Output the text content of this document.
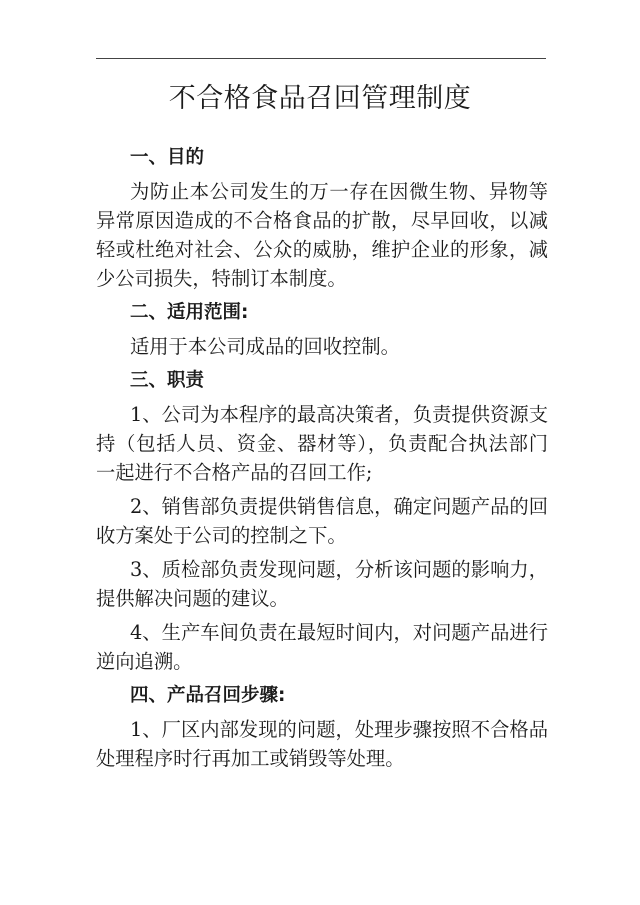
不合格食品召回管理制度

一、目的

为防止本公司发生的万一存在因微生物、异物等异常原因造成的不合格食品的扩散，尽早回收，以减轻或杜绝对社会、公众的威胁，维护企业的形象，减少公司损失，特制订本制度。

二、适用范围:

适用于本公司成品的回收控制。

三、职责

1、公司为本程序的最高决策者，负责提供资源支持（包括人员、资金、器材等），负责配合执法部门一起进行不合格产品的召回工作;

2、销售部负责提供销售信息，确定问题产品的回收方案处于公司的控制之下。

3、质检部负责发现问题，分析该问题的影响力，提供解决问题的建议。

4、生产车间负责在最短时间内，对问题产品进行逆向追溯。

四、产品召回步骤:

1、厂区内部发现的问题，处理步骤按照不合格品处理程序时行再加工或销毁等处理。
